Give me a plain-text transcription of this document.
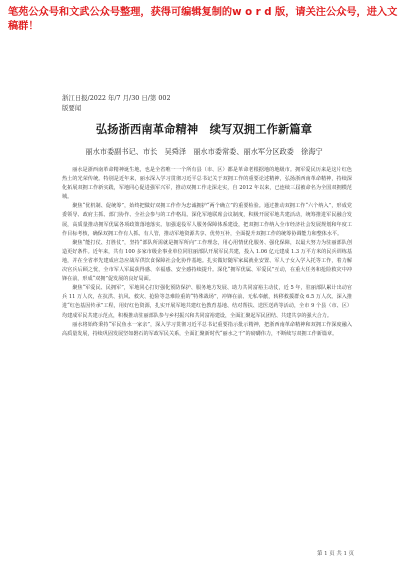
笔苑公众号和文武公众号整理，获得可编辑复制的w o r d 版，请关注公众号，进入文稿群！
浙江日报/2022 年/7 月/30 日/第 002
版要闻
弘扬浙西南革命精神　续写双拥工作新篇章
丽水市委副书记、市长　吴舜泽　丽水市委常委、丽水军分区政委　徐海宁

丽水是浙西南革命精神诞生地，也是全省唯一一个所有县（市、区）都是革命老根据地的地级市。拥军爱民历来是这片红色热土的光荣传统。特别是近年来，丽水深入学习贯彻习近平总书记关于双拥工作的重要论述精神，弘扬浙西南革命精神，持续深化拓展双拥工作新实践，军地同心促进强军兴军，推动双拥工作走深走实，自 2012 年以来，已连续三届被命名为全国双拥模范城。

聚焦“优机制、促统筹”，始终把做好双拥工作作为忠诚拥护“两个确立”的重要检验。通过推动双拥工作“六个纳入”，形成党委领导、政府主抓、部门协作、全社会参与的工作格局。深化军地联席会议制度，积极开展军地共建活动，统筹推进军民融合发展，高质量推动拥军优属各项政策落地落实。加强退役军人服务保障体系建设，把双拥工作纳入全市经济社会发展规划和年度工作目标考核，确保双拥工作有人抓、有人管，推动军地资源共享、优势互补，全面提升双拥工作的统筹协调能力和整体水平。

聚焦“能打仗、打胜仗”，坚持“部队所需就是拥军所向”工作理念，用心用情优化服务、强化保障，以最大努力为驻丽部队创造更好条件。近年来，共有 100 多家市级企事业单位同驻丽部队开展军民共建，投入 1.06 亿元建成 1.3 万平方米的民兵训练基地，并在全省率先建成应急应战军供饮食保障社会化协作基地。扎实做好随军家属就业安置、军人子女入学入托等工作，着力解决官兵后顾之忧，全市军人军属获得感、幸福感、安全感持续提升。深化“拥军优属、军爱民”互动，在重大任务和抢险救灾中冲锋在前，形成“双拥”促发展的良好局面。

聚焦“军爱民、民拥军”，军地同心打好强化预防保护、服务地方发展、助力共同富裕主动仗，近 5 年，驻丽部队累计出动官兵 11 万人次，在抗洪、抗风、救灾、抢险等急难险重的“特殊战场”，冲锋在前、无私奉献，转移救援群众 6.5 万人次。深入推进“红色基因传承”工程，用好红色资源，扎实开展军地共建红色教育基地、结对帮扶、送医送药等活动，全市 9 个县（市、区）均建成军民共建示范点，积极推动驻丽部队参与乡村振兴和共同富裕建设，全面汇聚起军民团结、共建共享的强大合力。

丽水将始终秉持“军民鱼水一家亲”，深入学习贯彻习近平总书记重要指示批示精神，把浙西南革命精神和双拥工作深度融入高质量发展，持续巩固发展坚如磐石的军政军民关系，全面汇聚新时代“丽水之干”的磅礴伟力，不断续写双拥工作新篇章。

第 1 页 共 1 页
